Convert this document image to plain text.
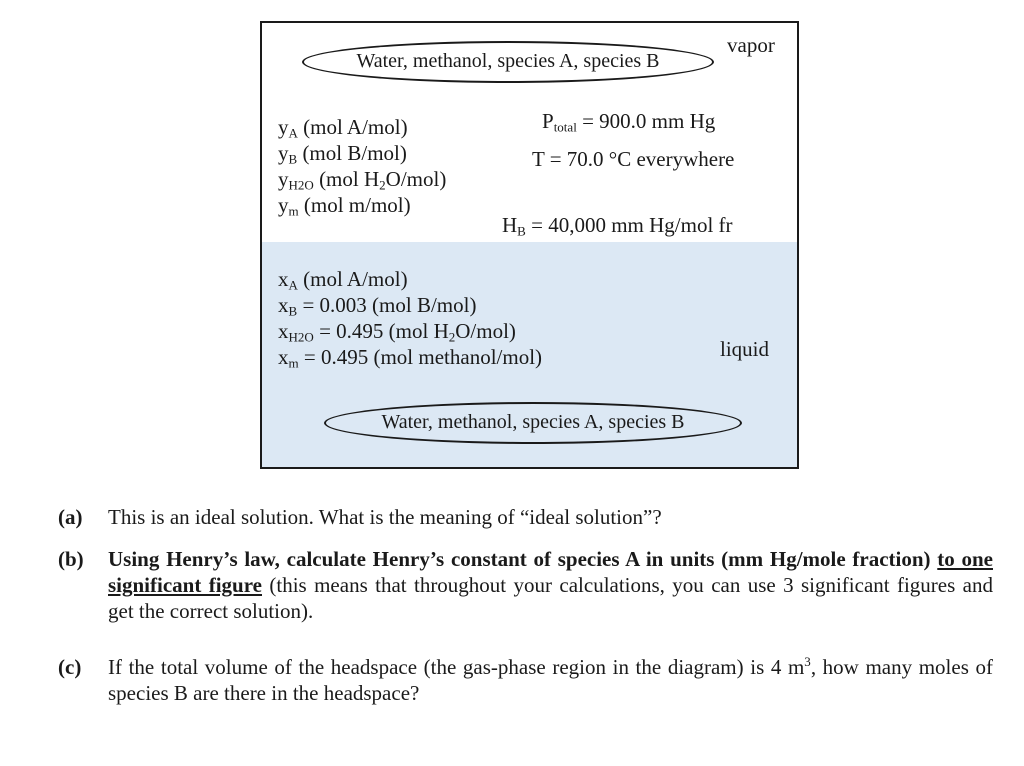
Water, methanol, species A, species B
vapor
$y_A$ (mol A/mol)
$y_B$ (mol B/mol)
$y_{H2O}$ (mol $H_2O/mol$)
$y_m$ (mol m/mol)
$P_{total} = 900.0$ mm Hg
T = 70.0 °C everywhere
$H_B = 40,000$ mm Hg/mol fr
$x_A$ (mol A/mol)
$x_B = 0.003$ (mol B/mol)
$x_{H2O} = 0.495$ (mol $H_2O/mol$)
$x_m = 0.495$ (mol methanol/mol)	liquid
Water, methanol, species A, species B
(a) This is an ideal solution. What is the meaning of “ideal solution”?
(b) Using Henry’s law, calculate Henry’s constant of species A in units (mm Hg/mole fraction) to one significant figure (this means that throughout your calculations, you can use 3 significant figures and get the correct solution).
(c) If the total volume of the headspace (the gas-phase region in the diagram) is 4 $m^3$, how many moles of species B are there in the headspace?
